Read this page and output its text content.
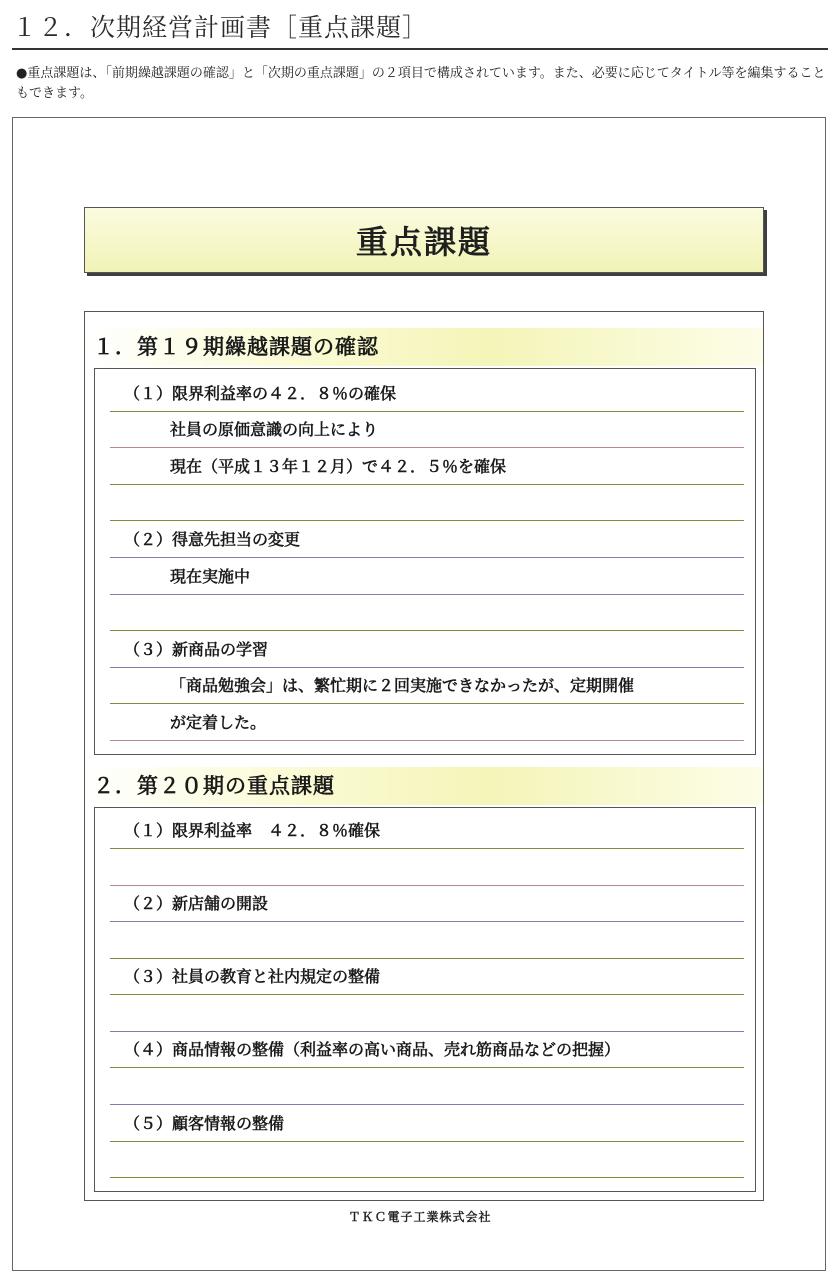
１２．次期経営計画書［重点課題］
●重点課題は、「前期繰越課題の確認」と「次期の重点課題」の２項目で構成されています。また、必要に応じてタイトル等を編集することもできます。
重点課題
１．第１９期繰越課題の確認
（１）限界利益率の４２．８％の確保
社員の原価意識の向上により
現在（平成１３年１２月）で４２．５％を確保
（２）得意先担当の変更
現在実施中
（３）新商品の学習
「商品勉強会」は、繁忙期に２回実施できなかったが、定期開催
が定着した。
２．第２０期の重点課題
（１）限界利益率　４２．８％確保
（２）新店舗の開設
（３）社員の教育と社内規定の整備
（４）商品情報の整備（利益率の高い商品、売れ筋商品などの把握）
（５）顧客情報の整備
ＴＫＣ電子工業株式会社
